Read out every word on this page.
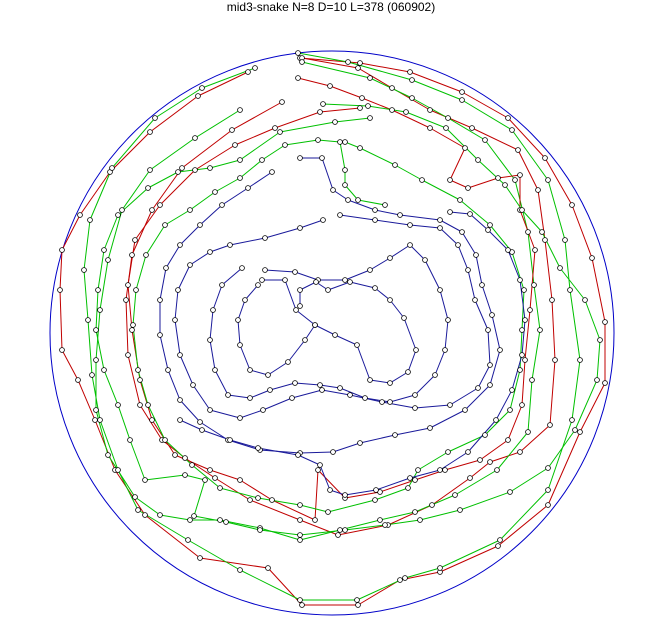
mid3-snake N=8 D=10 L=378 (060902)
